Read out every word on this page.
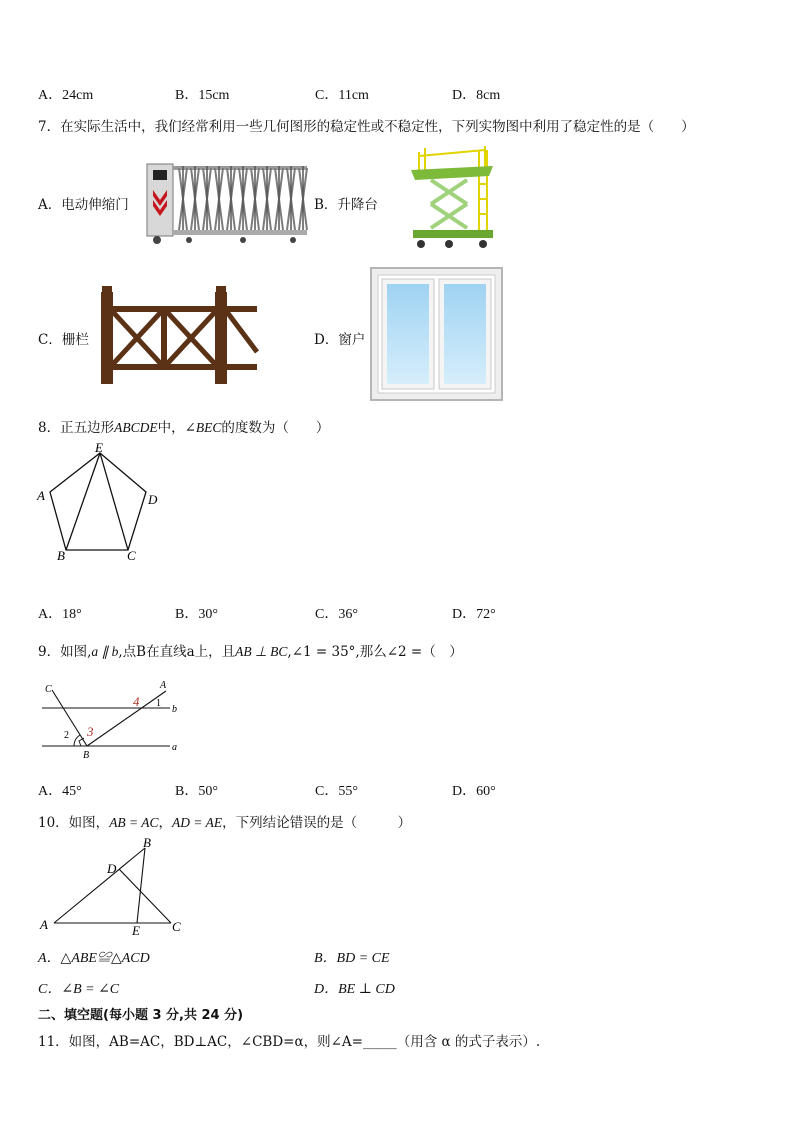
A．24cm	B．15cm	C．11cm	D．8cm
7．在实际生活中，我们经常利用一些几何图形的稳定性或不稳定性，下列实物图中利用了稳定性的是（　　）
A．电动伸缩门	B．升降台
C．栅栏	D．窗户
8．正五边形ABCDE中，∠BEC的度数为（　　）
E
A	D
B	C
A．18°	B．30°	C．36°	D．72°
9．如图,a ∥ b,点B在直线a上，且AB ⊥ BC,∠1 = 35°,那么∠2 =（　）
C	A
4 1
b
2 3
B
a
A．45°	B．50°	C．55°	D．60°
10．如图，AB = AC，AD = AE，下列结论错误的是（　　　）
B
D
A	E C
A．△ABE≌△ACD	B．BD = CE
C．∠B = ∠C	D．BE ⊥ CD
二、填空题(每小题 3 分,共 24 分)
11．如图，AB=AC，BD⊥AC，∠CBD=α，则∠A=_____（用含 α 的式子表示）.
